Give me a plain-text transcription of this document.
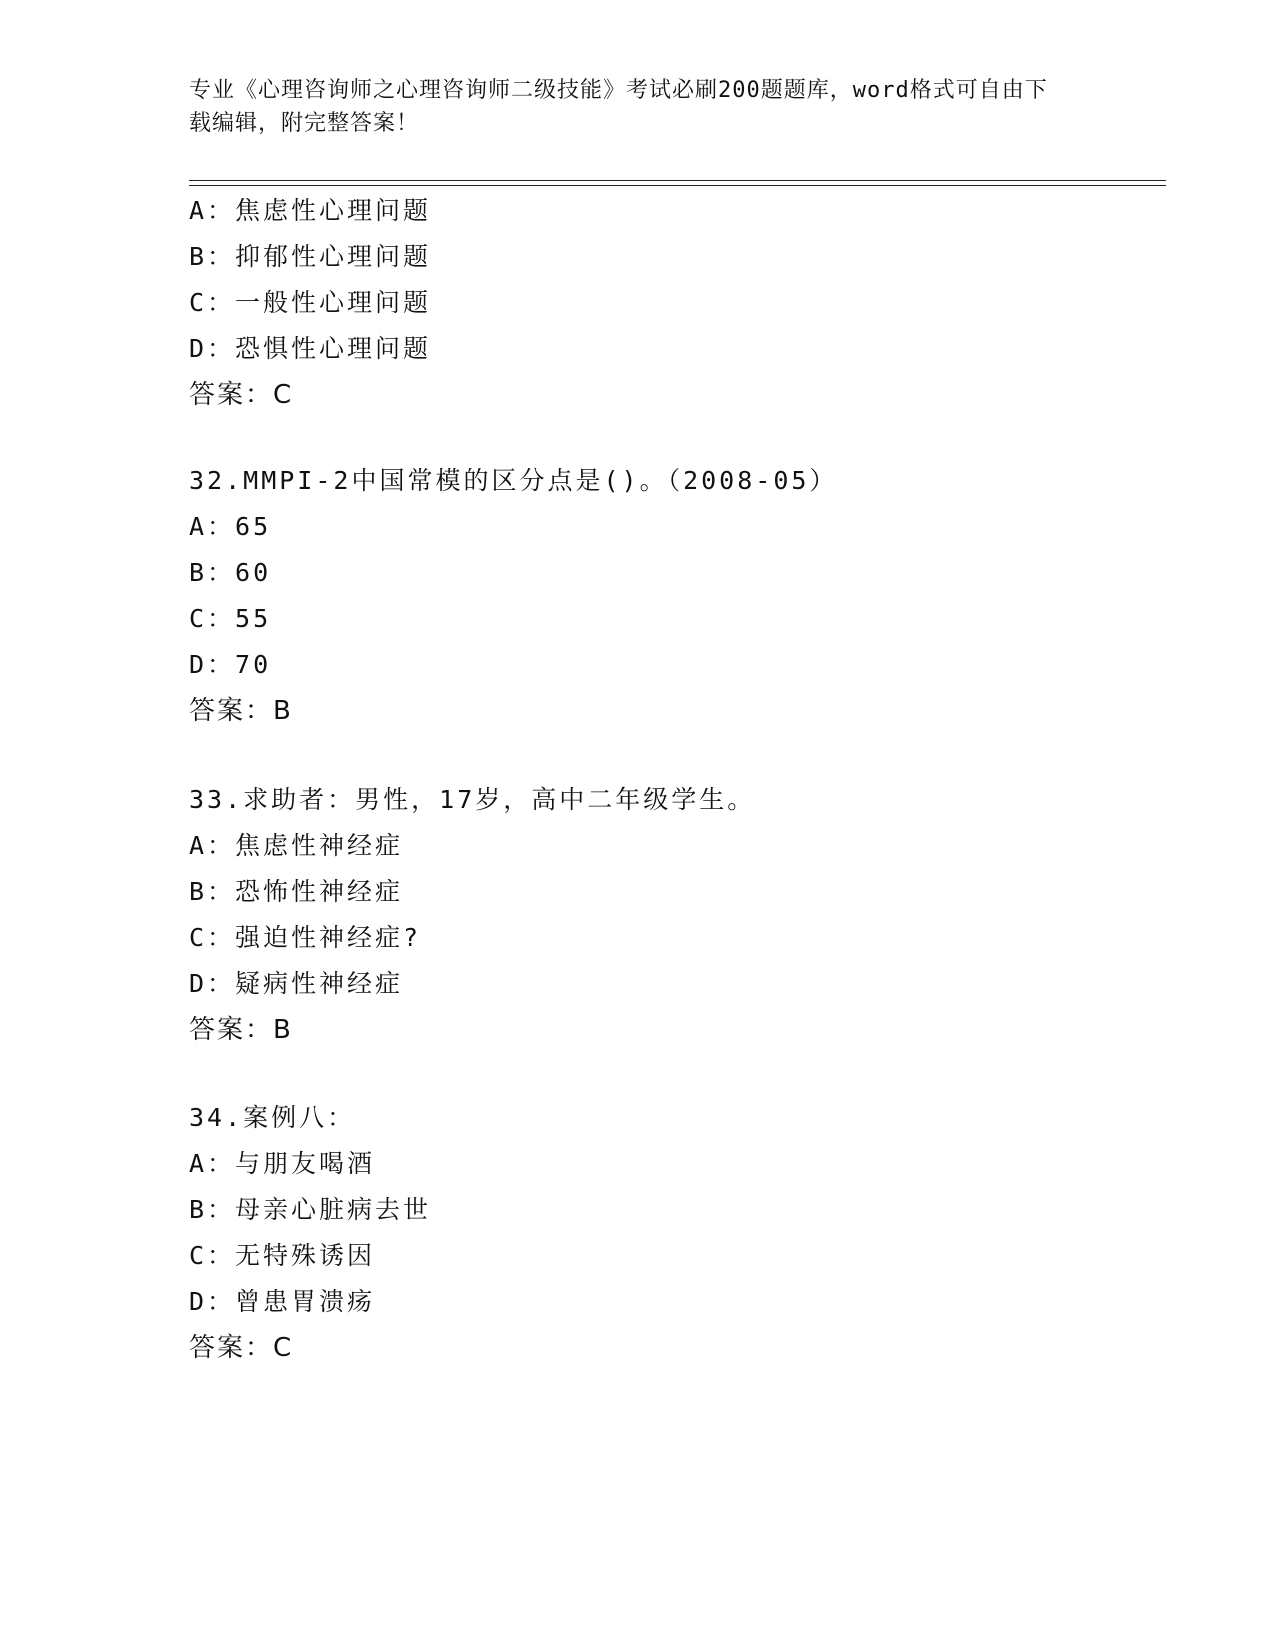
专业《心理咨询师之心理咨询师二级技能》考试必刷200题题库，word格式可自由下载编辑，附完整答案！

A：焦虑性心理问题
B：抑郁性心理问题
C：一般性心理问题
D：恐惧性心理问题
答案：C
32.MMPI-2中国常模的区分点是()。（2008-05）
A：65
B：60
C：55
D：70
答案：B
33.求助者：男性，17岁，高中二年级学生。
A：焦虑性神经症
B：恐怖性神经症
C：强迫性神经症?
D：疑病性神经症
答案：B
34.案例八：
A：与朋友喝酒
B：母亲心脏病去世
C：无特殊诱因
D：曾患胃溃疡
答案：C
